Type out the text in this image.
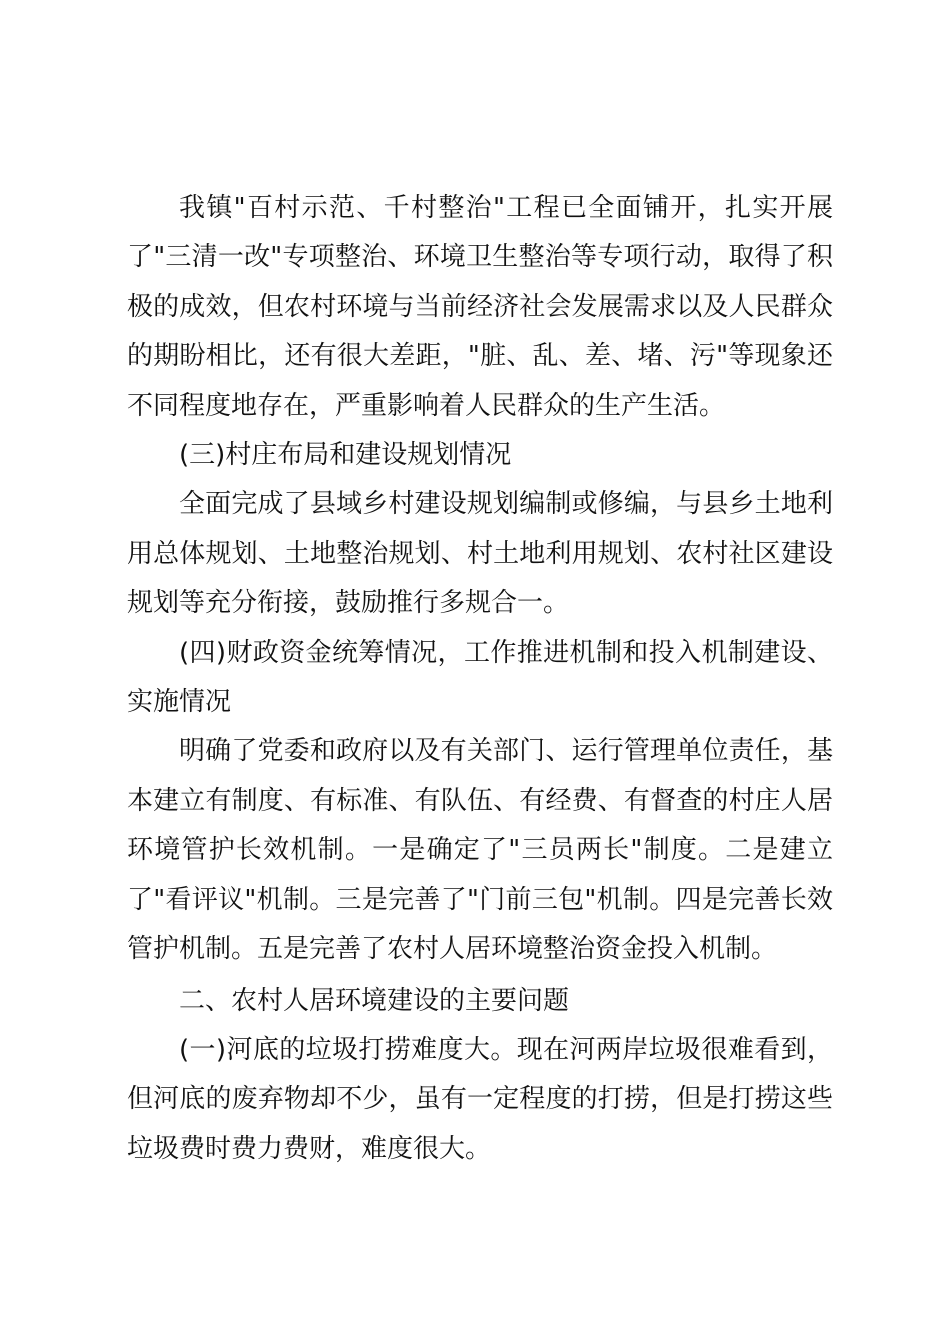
我镇"百村示范、千村整治"工程已全面铺开，扎实开展了"三清一改"专项整治、环境卫生整治等专项行动，取得了积极的成效，但农村环境与当前经济社会发展需求以及人民群众的期盼相比，还有很大差距，"脏、乱、差、堵、污"等现象还不同程度地存在，严重影响着人民群众的生产生活。

(三)村庄布局和建设规划情况

全面完成了县域乡村建设规划编制或修编，与县乡土地利用总体规划、土地整治规划、村土地利用规划、农村社区建设规划等充分衔接，鼓励推行多规合一。

(四)财政资金统筹情况，工作推进机制和投入机制建设、实施情况

明确了党委和政府以及有关部门、运行管理单位责任，基本建立有制度、有标准、有队伍、有经费、有督查的村庄人居环境管护长效机制。一是确定了"三员两长"制度。二是建立了"看评议"机制。三是完善了"门前三包"机制。四是完善长效管护机制。五是完善了农村人居环境整治资金投入机制。

二、农村人居环境建设的主要问题

(一)河底的垃圾打捞难度大。现在河两岸垃圾很难看到，但河底的废弃物却不少，虽有一定程度的打捞，但是打捞这些垃圾费时费力费财，难度很大。
